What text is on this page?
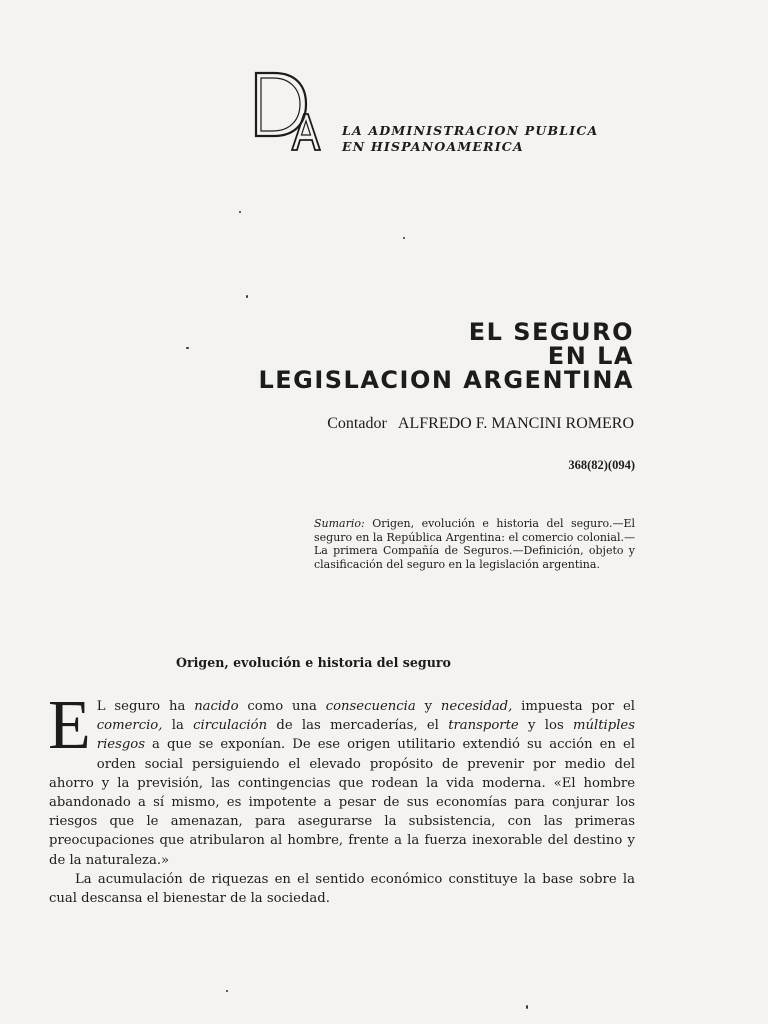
LA ADMINISTRACION PUBLICA
EN HISPANOAMERICA
EL SEGURO
EN LA
LEGISLACION ARGENTINA
Contador ALFREDO F. MANCINI ROMERO
368(82)(094)
Sumario: Origen, evolución e historia del seguro.—El seguro en la República Argentina: el comercio colonial.—La primera Compañía de Seguros.—Definición, objeto y clasificación del seguro en la legislación argentina.
Origen, evolución e historia del seguro

E L seguro ha nacido como una consecuencia y necesidad, impuesta por el comercio, la circulación de las mercaderías, el transporte y los múltiples riesgos a que se exponían. De ese origen utilitario extendió su acción en el orden social persiguiendo el elevado propósito de prevenir por medio del ahorro y la previsión, las contingencias que rodean la vida moderna. «El hombre abandonado a sí mismo, es impotente a pesar de sus economías para conjurar los riesgos que le amenazan, para asegurarse la subsistencia, con las primeras preocupaciones que atribularon al hombre, frente a la fuerza inexorable del destino y de la naturaleza.»

La acumulación de riquezas en el sentido económico constituye la base sobre la cual descansa el bienestar de la sociedad.
